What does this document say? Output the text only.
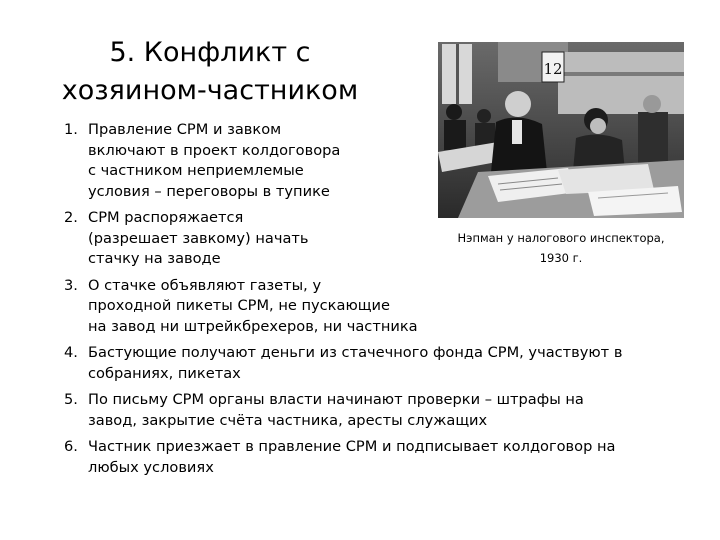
5. Конфликт с
хозяином-частником
12
Нэпман у налогового инспектора,
1930 г.
1. Правление СРМ и завком
включают в проект колдоговора
с частником неприемлемые
условия – переговоры в тупике
2. СРМ распоряжается
(разрешает завкому) начать
стачку на заводе
3. О стачке объявляют газеты, у
проходной пикеты СРМ, не пускающие
на завод ни штрейкбрехеров, ни частника
4. Бастующие получают деньги из стачечного фонда СРМ, участвуют в
собраниях, пикетах
5. По письму СРМ органы власти начинают проверки – штрафы на
завод, закрытие счёта частника, аресты служащих
6. Частник приезжает в правление СРМ и подписывает колдоговор на
любых условиях
